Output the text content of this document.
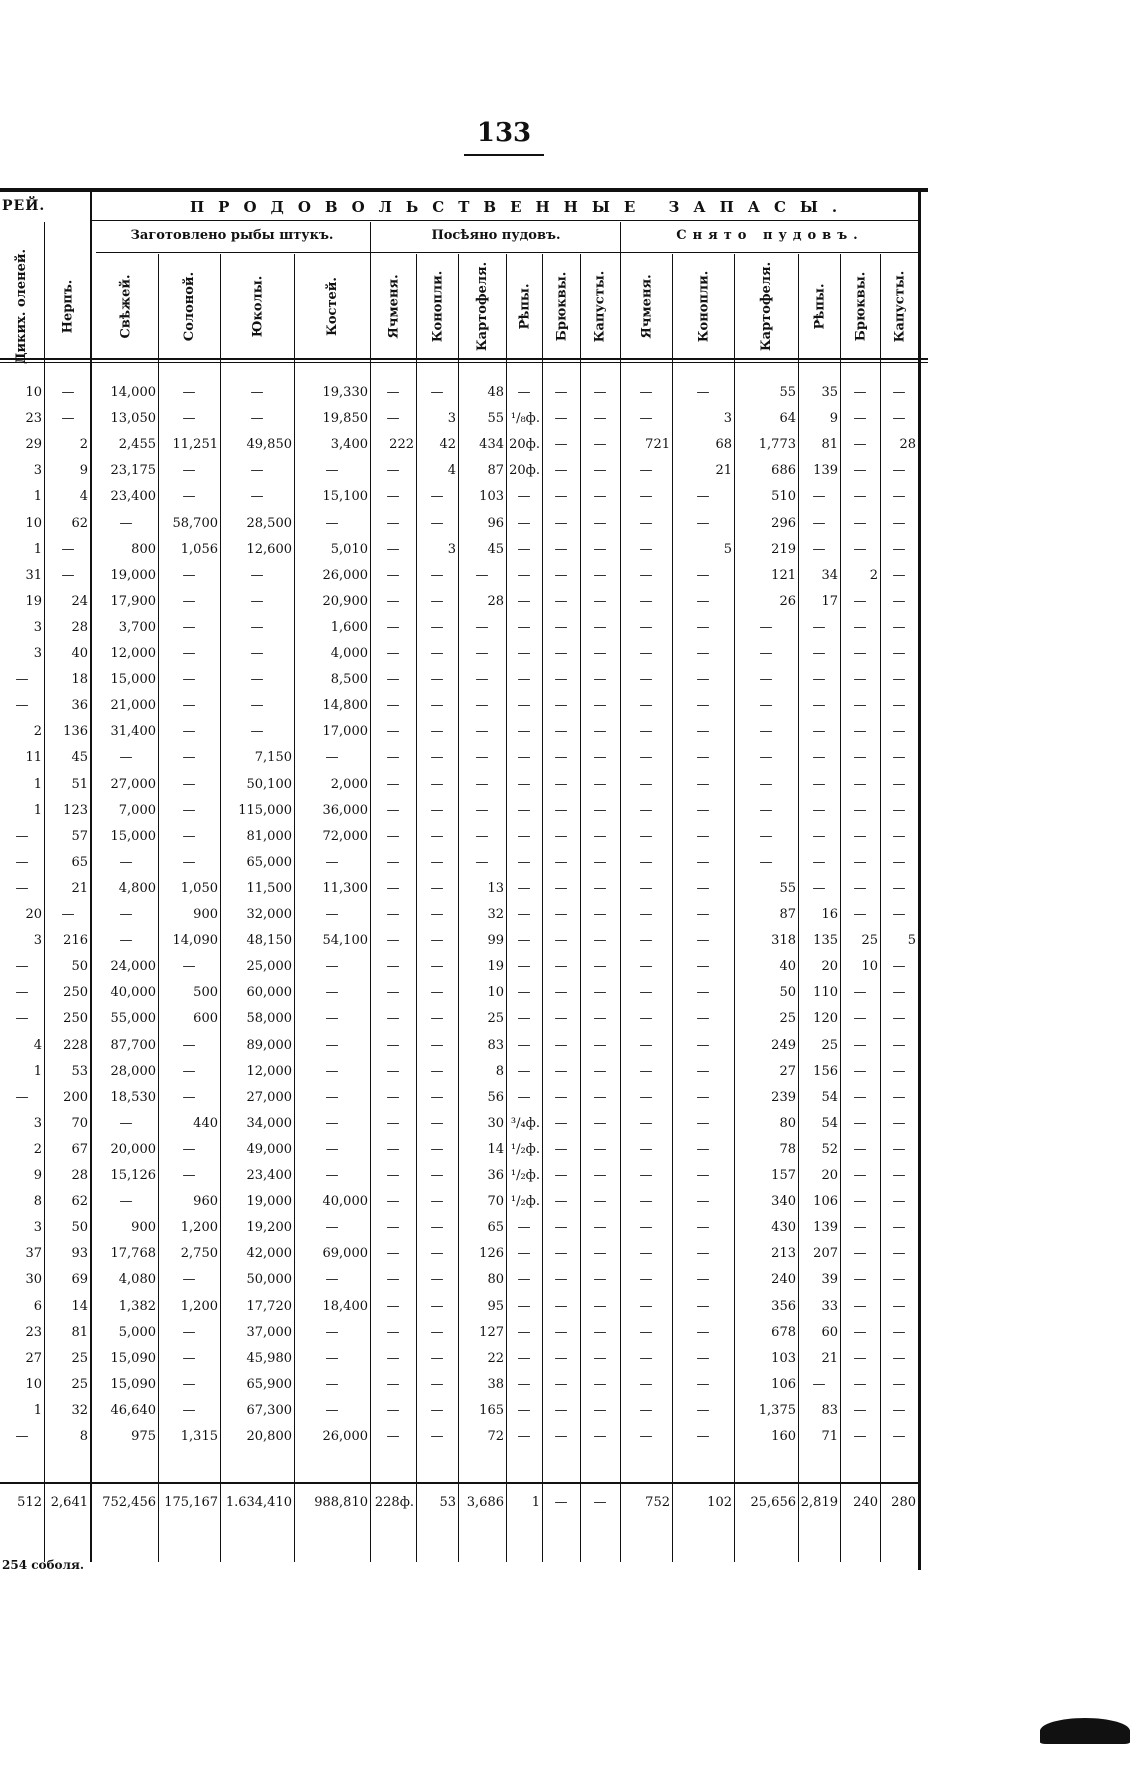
133
РЕЙ.	ПРОДОВОЛЬСТВЕННЫЕ ЗАПАСЫ.
Заготовлено рыбы штукъ.	Посѣяно пудовъ.	Снято пудовъ.
Диких. оленей. Нерпъ.	Свѣжей.	Солоной.	Юколы.	Костей.	Ячменя. Конопли. Картофеля. Рѣпы. Брюквы. Капусты. Ячменя.	Конопли.	Картофеля.	Рѣпы. Брюквы. Капусты.
10	—	14,000	—	—	19,330	—	—	48	—	—	—	—	—	55	35	—	—
23	—	13,050	—	—	19,850	—	3	55 ¹/₈ф.	—	—	—	3	64	9	—	—
29	2	2,455	11,251	49,850	3,400	222	42	434 20ф.	—	—	721	68	1,773	81	—	28
3	9	23,175	—	—	—	—	4	87 20ф.	—	—	—	21	686	139	—	—
1	4	23,400	—	—	15,100	—	—	103	—	—	—	—	—	510	—	—	—
10	62	—	58,700	28,500	—	—	—	96	—	—	—	—	—	296	—	—	—
1	—	800	1,056	12,600	5,010	—	3	45	—	—	—	—	5	219	—	—	—
31	—	19,000	—	—	26,000	—	—	—	—	—	—	—	—	121	34	2	—
19	24	17,900	—	—	20,900	—	—	28	—	—	—	—	—	26	17	—	—
3	28	3,700	—	—	1,600	—	—	—	—	—	—	—	—	—	—	—	—
3	40	12,000	—	—	4,000	—	—	—	—	—	—	—	—	—	—	—	—
—	18	15,000	—	—	8,500	—	—	—	—	—	—	—	—	—	—	—	—
—	36	21,000	—	—	14,800	—	—	—	—	—	—	—	—	—	—	—	—
2	136	31,400	—	—	17,000	—	—	—	—	—	—	—	—	—	—	—	—
11	45	—	—	7,150	—	—	—	—	—	—	—	—	—	—	—	—	—
1	51	27,000	—	50,100	2,000	—	—	—	—	—	—	—	—	—	—	—	—
1	123	7,000	—	115,000	36,000	—	—	—	—	—	—	—	—	—	—	—	—
—	57	15,000	—	81,000	72,000	—	—	—	—	—	—	—	—	—	—	—	—
—	65	—	—	65,000	—	—	—	—	—	—	—	—	—	—	—	—	—
—	21	4,800	1,050	11,500	11,300	—	—	13	—	—	—	—	—	55	—	—	—
20	—	—	900	32,000	—	—	—	32	—	—	—	—	—	87	16	—	—
3	216	—	14,090	48,150	54,100	—	—	99	—	—	—	—	—	318	135	25	5
—	50	24,000	—	25,000	—	—	—	19	—	—	—	—	—	40	20	10	—
—	250	40,000	500	60,000	—	—	—	10	—	—	—	—	—	50	110	—	—
—	250	55,000	600	58,000	—	—	—	25	—	—	—	—	—	25	120	—	—
4	228	87,700	—	89,000	—	—	—	83	—	—	—	—	—	249	25	—	—
1	53	28,000	—	12,000	—	—	—	8	—	—	—	—	—	27	156	—	—
—	200	18,530	—	27,000	—	—	—	56	—	—	—	—	—	239	54	—	—
3	70	—	440	34,000	—	—	—	30 ³/₄ф.	—	—	—	—	80	54	—	—
2	67	20,000	—	49,000	—	—	—	14 ¹/₂ф.	—	—	—	—	78	52	—	—
9	28	15,126	—	23,400	—	—	—	36 ¹/₂ф.	—	—	—	—	157	20	—	—
8	62	—	960	19,000	40,000	—	—	70 ¹/₂ф.	—	—	—	—	340	106	—	—
3	50	900	1,200	19,200	—	—	—	65	—	—	—	—	—	430	139	—	—
37	93	17,768	2,750	42,000	69,000	—	—	126	—	—	—	—	—	213	207	—	—
30	69	4,080	—	50,000	—	—	—	80	—	—	—	—	—	240	39	—	—
6	14	1,382	1,200	17,720	18,400	—	—	95	—	—	—	—	—	356	33	—	—
23	81	5,000	—	37,000	—	—	—	127	—	—	—	—	—	678	60	—	—
27	25	15,090	—	45,980	—	—	—	22	—	—	—	—	—	103	21	—	—
10	25	15,090	—	65,900	—	—	—	38	—	—	—	—	—	106	—	—	—
1	32	46,640	—	67,300	—	—	—	165	—	—	—	—	—	1,375	83	—	—
—	8	975	1,315	20,800	26,000	—	—	72	—	—	—	—	—	160	71	—	—
512 2,641	752,456 175,167 1.634,410	988,810 228ф.	53 3,686	1	—	—	752	102	25,656 2,819	240	280
254 соболя.
